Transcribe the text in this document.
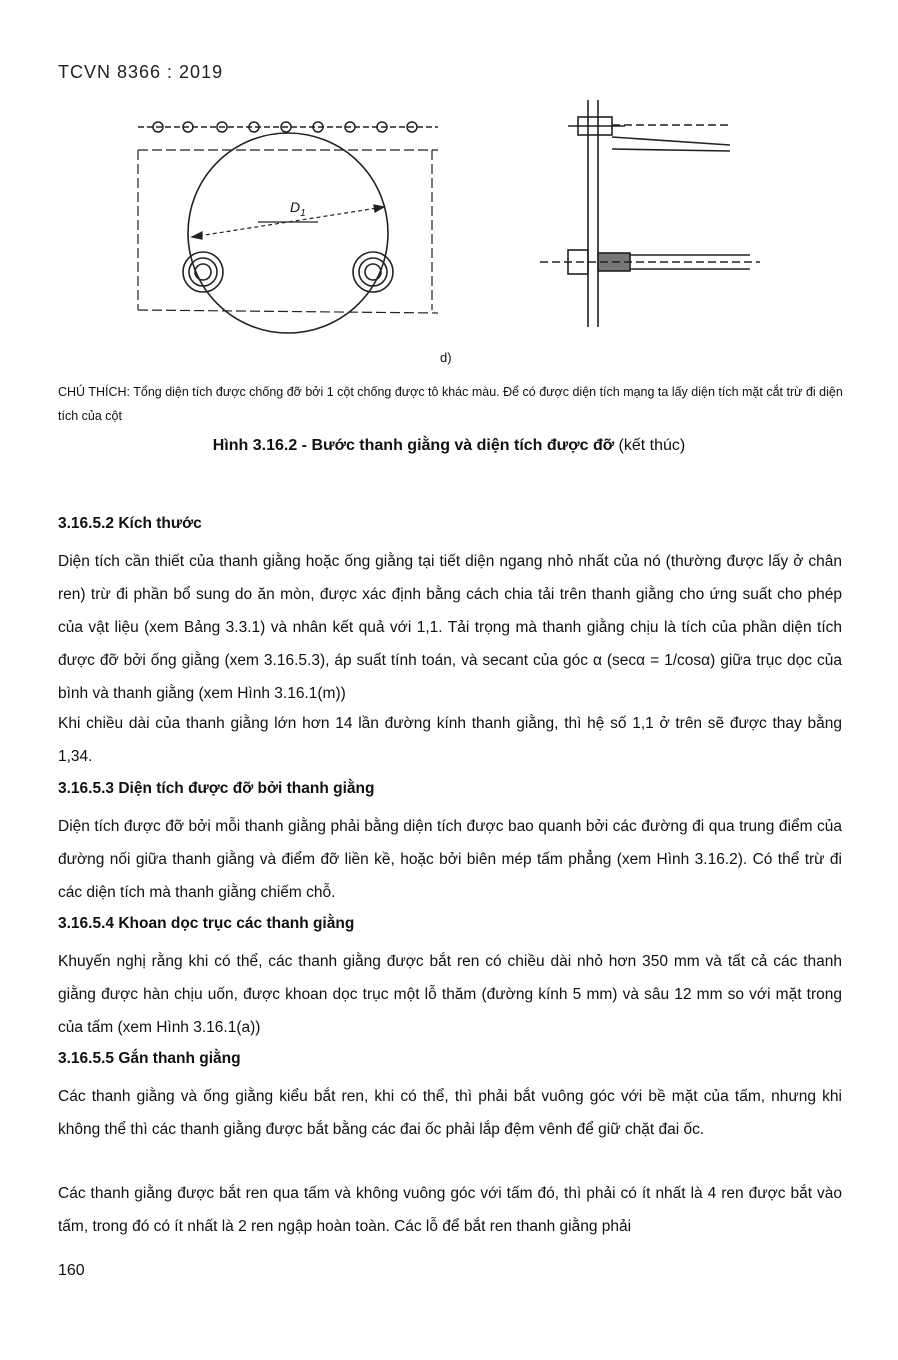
TCVN 8366 : 2019
$D_1$
d)
CHÚ THÍCH: Tổng diện tích được chống đỡ bởi 1 cột chống được tô khác màu. Để có được diện tích mạng ta lấy diện tích mặt cắt trừ đi diện tích của cột
Hình 3.16.2 - Bước thanh giằng và diện tích được đỡ (kết thúc)
3.16.5.2 Kích thước
Diện tích cần thiết của thanh giằng hoặc ống giằng tại tiết diện ngang nhỏ nhất của nó (thường được lấy ở chân ren) trừ đi phần bổ sung do ăn mòn, được xác định bằng cách chia tải trên thanh giằng cho ứng suất cho phép của vật liệu (xem Bảng 3.3.1) và nhân kết quả với 1,1. Tải trọng mà thanh giằng chịu là tích của phần diện tích được đỡ bởi ống giằng (xem 3.16.5.3), áp suất tính toán, và secant của góc α (secα = 1/cosα) giữa trục dọc của bình và thanh giằng (xem Hình 3.16.1(m))
Khi chiều dài của thanh giằng lớn hơn 14 lần đường kính thanh giằng, thì hệ số 1,1 ở trên sẽ được thay bằng 1,34.
3.16.5.3 Diện tích được đỡ bởi thanh giằng
Diện tích được đỡ bởi mỗi thanh giằng phải bằng diện tích được bao quanh bởi các đường đi qua trung điểm của đường nối giữa thanh giằng và điểm đỡ liền kề, hoặc bởi biên mép tấm phẳng (xem Hình 3.16.2). Có thể trừ đi các diện tích mà thanh giằng chiếm chỗ.
3.16.5.4 Khoan dọc trục các thanh giằng
Khuyến nghị rằng khi có thể, các thanh giằng được bắt ren có chiều dài nhỏ hơn 350 mm và tất cả các thanh giằng được hàn chịu uốn, được khoan dọc trục một lỗ thăm (đường kính 5 mm) và sâu 12 mm so với mặt trong của tấm (xem Hình 3.16.1(a))
3.16.5.5 Gắn thanh giằng
Các thanh giằng và ống giằng kiểu bắt ren, khi có thể, thì phải bắt vuông góc với bề mặt của tấm, nhưng khi không thể thì các thanh giằng được bắt bằng các đai ốc phải lắp đệm vênh để giữ chặt đai ốc.
Các thanh giằng được bắt ren qua tấm và không vuông góc với tấm đó, thì phải có ít nhất là 4 ren được bắt vào tấm, trong đó có ít nhất là 2 ren ngập hoàn toàn. Các lỗ để bắt ren thanh giằng phải
160
